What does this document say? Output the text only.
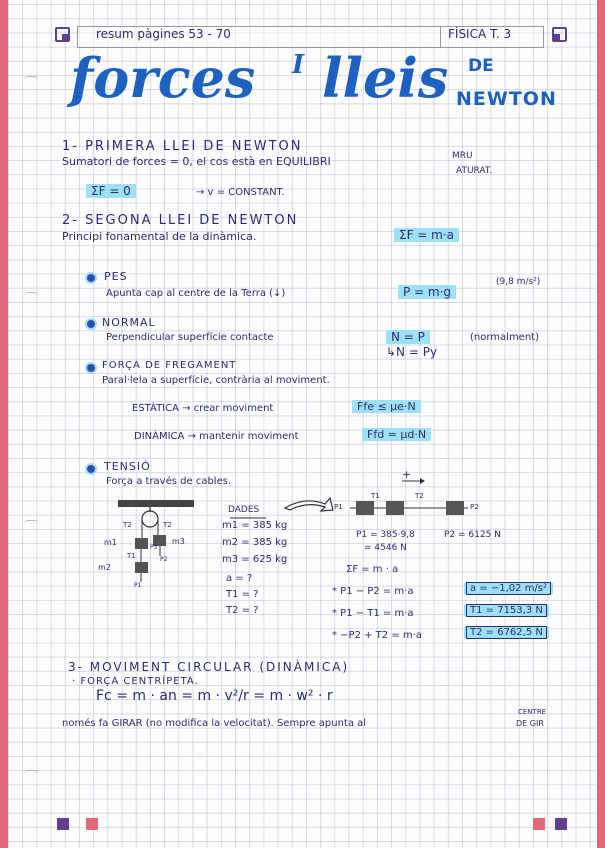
resum pàgines 53 - 70	FÍSICA T. 3
forces I lleis DE
NEWTON
1- PRIMERA LLEI DE NEWTON
Sumatori de forces = 0, el cos està en EQUILIBRI	MRU
ATURAT.
ΣF = 0	→ v = CONSTANT.
2- SEGONA LLEI DE NEWTON
Principi fonamental de la dinàmica.	ΣF = m·a
PES
Apunta cap al centre de la Terra (↓)	P = m·g
(9,8 m/s²)
NORMAL
Perpendicular superfície contacte	N = P	(normalment)
↳N = Py
FORÇA DE FREGAMENT
Paral·lela a superfície, contrària al moviment.
ESTÀTICA → crear moviment	Ffe ≤ μe·N
DINÀMICA → mantenir moviment	Ffd = μd·N
TENSIÓ
Força a través de cables.
T2	T2
T1
m1
m2
m3
P3
P2
P1
+
P1
T1	T2
P2
DADES
m1 = 385 kg
m2 = 385 kg
m3 = 625 kg
a = ?
T1 = ?
T2 = ?
P1 = 385·9,8
= 4546 N
P2 = 6125 N
ΣF = m · a
* P1 − P2 = m·a
* P1 − T1 = m·a
* −P2 + T2 = m·a
a = −1,02 m/s²
T1 = 7153,3 N
T2 = 6762,5 N
3- MOVIMENT CIRCULAR (DINÀMICA)
· FORÇA CENTRÍPETA.
Fc = m · an = m · v²/r = m · w² · r
només fa GIRAR (no modifica la velocitat). Sempre apunta al
CENTRE
DE GIR
